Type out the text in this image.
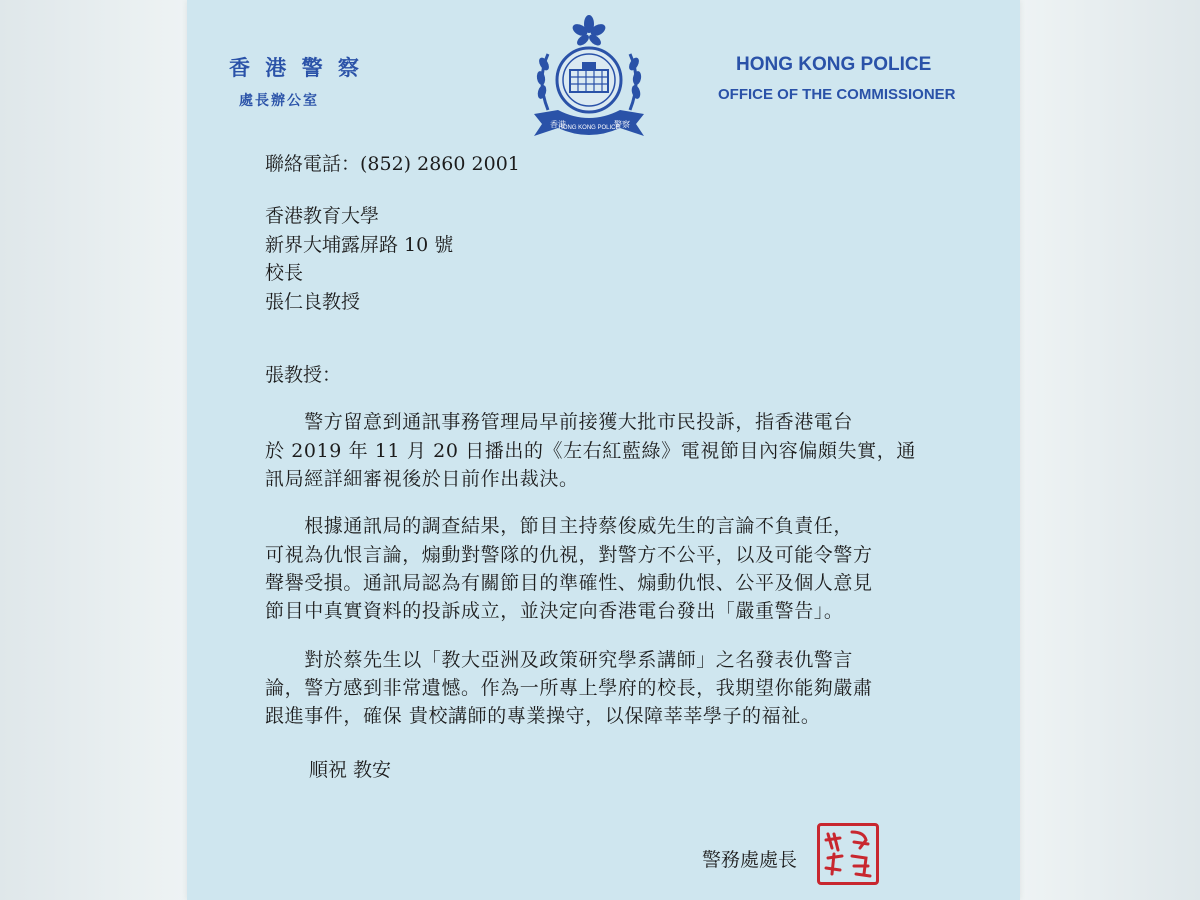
香 港 警 察
處長辦公室
HONG KONG POLICE
OFFICE OF THE COMMISSIONER
香港
HONG KONG POLICE
警察
聯絡電話：(852) 2860 2001
香港教育大學
新界大埔露屏路 10 號
校長
張仁良教授
張教授：
　　警方留意到通訊事務管理局早前接獲大批市民投訴，指香港電台
於 2019 年 11 月 20 日播出的《左右紅藍綠》電視節目內容偏頗失實，通
訊局經詳細審視後於日前作出裁決。
　　根據通訊局的調查結果，節目主持蔡俊威先生的言論不負責任，
可視為仇恨言論，煽動對警隊的仇視，對警方不公平，以及可能令警方
聲譽受損。通訊局認為有關節目的準確性、煽動仇恨、公平及個人意見
節目中真實資料的投訴成立，並決定向香港電台發出「嚴重警告」。
　　對於蔡先生以「教大亞洲及政策研究學系講師」之名發表仇警言
論，警方感到非常遺憾。作為一所專上學府的校長，我期望你能夠嚴肅
跟進事件，確保 貴校講師的專業操守，以保障莘莘學子的福祉。
順祝 教安
警務處處長
